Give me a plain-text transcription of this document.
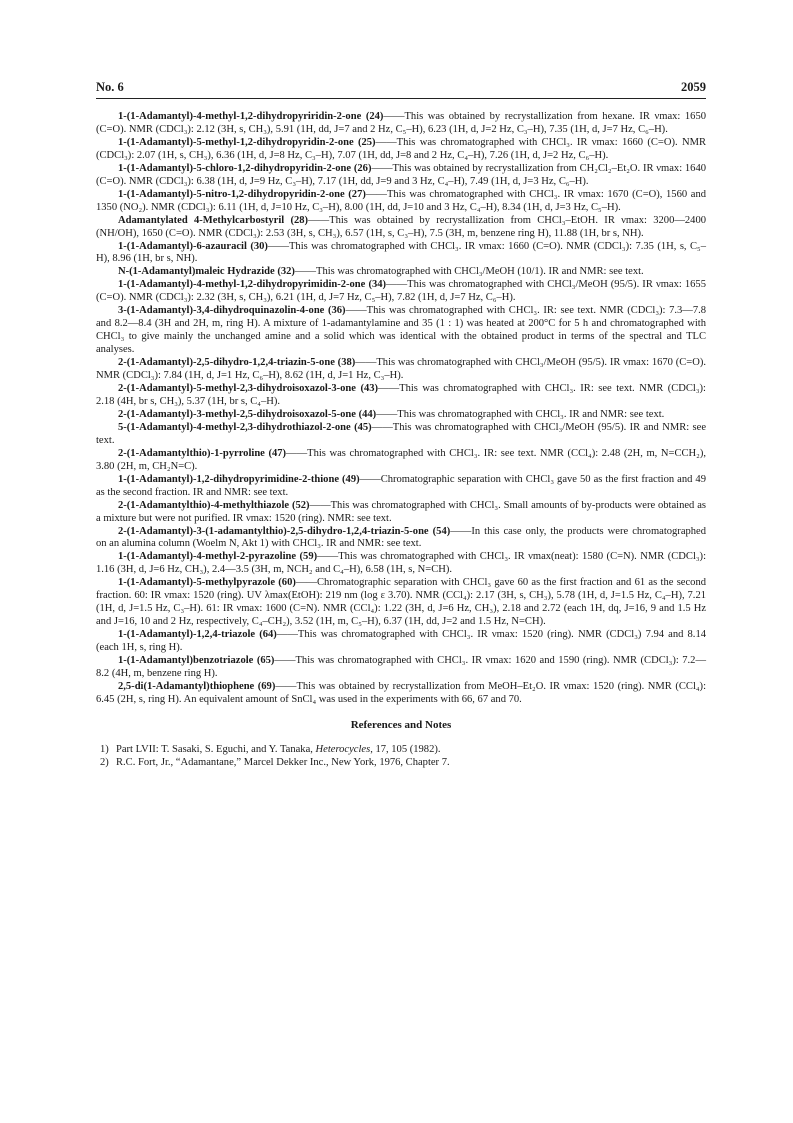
No. 6	2059

1-(1-Adamantyl)-4-methyl-1,2-dihydropyriridin-2-one (24)——This was obtained by recrystallization from hexane. IR νmax: 1650 (C=O). NMR (CDCl₃): 2.12 (3H, s, CH₃), 5.91 (1H, dd, J=7 and 2 Hz, C₅–H), 6.23 (1H, d, J=2 Hz, C₃–H), 7.35 (1H, d, J=7 Hz, C₆–H).

1-(1-Adamantyl)-5-methyl-1,2-dihydropyridin-2-one (25)——This was chromatographed with CHCl₃. IR νmax: 1660 (C=O). NMR (CDCl₃): 2.07 (1H, s, CH₃), 6.36 (1H, d, J=8 Hz, C₃–H), 7.07 (1H, dd, J=8 and 2 Hz, C₄–H), 7.26 (1H, d, J=2 Hz, C₆–H).

1-(1-Adamantyl)-5-chloro-1,2-dihydropyridin-2-one (26)——This was obtained by recrystallization from CH₂Cl₂–Et₂O. IR νmax: 1640 (C=O). NMR (CDCl₃): 6.38 (1H, d, J=9 Hz, C₃–H), 7.17 (1H, dd, J=9 and 3 Hz, C₄–H), 7.49 (1H, d, J=3 Hz, C₆–H).

1-(1-Adamantyl)-5-nitro-1,2-dihydropyridin-2-one (27)——This was chromatographed with CHCl₃. IR νmax: 1670 (C=O), 1560 and 1350 (NO₂). NMR (CDCl₃): 6.11 (1H, d, J=10 Hz, C₃–H), 8.00 (1H, dd, J=10 and 3 Hz, C₄–H), 8.34 (1H, d, J=3 Hz, C₅–H).

Adamantylated 4-Methylcarbostyril (28)——This was obtained by recrystallization from CHCl₃–EtOH. IR νmax: 3200—2400 (NH/OH), 1650 (C=O). NMR (CDCl₃): 2.53 (3H, s, CH₃), 6.57 (1H, s, C₃–H), 7.5 (3H, m, benzene ring H), 11.88 (1H, br s, NH).

1-(1-Adamantyl)-6-azauracil (30)——This was chromatographed with CHCl₃. IR νmax: 1660 (C=O). NMR (CDCl₃): 7.35 (1H, s, C₅–H), 8.96 (1H, br s, NH).

N-(1-Adamantyl)maleic Hydrazide (32)——This was chromatographed with CHCl₃/MeOH (10/1). IR and NMR: see text.

1-(1-Adamantyl)-4-methyl-1,2-dihydropyrimidin-2-one (34)——This was chromatographed with CHCl₃/MeOH (95/5). IR νmax: 1655 (C=O). NMR (CDCl₃): 2.32 (3H, s, CH₃), 6.21 (1H, d, J=7 Hz, C₅–H), 7.82 (1H, d, J=7 Hz, C₆–H).

3-(1-Adamantyl)-3,4-dihydroquinazolin-4-one (36)——This was chromatographed with CHCl₃. IR: see text. NMR (CDCl₃): 7.3—7.8 and 8.2—8.4 (3H and 2H, m, ring H). A mixture of 1-adamantylamine and 35 (1 : 1) was heated at 200°C for 5 h and chromatographed with CHCl₃ to give mainly the unchanged amine and a solid which was identical with the obtained product in terms of the spectral and TLC analyses.

2-(1-Adamantyl)-2,5-dihydro-1,2,4-triazin-5-one (38)——This was chromatographed with CHCl₃/MeOH (95/5). IR νmax: 1670 (C=O). NMR (CDCl₃): 7.84 (1H, d, J=1 Hz, C₆–H), 8.62 (1H, d, J=1 Hz, C₃–H).

2-(1-Adamantyl)-5-methyl-2,3-dihydroisoxazol-3-one (43)——This was chromatographed with CHCl₃. IR: see text. NMR (CDCl₃): 2.18 (4H, br s, CH₃), 5.37 (1H, br s, C₄–H).

2-(1-Adamantyl)-3-methyl-2,5-dihydroisoxazol-5-one (44)——This was chromatographed with CHCl₃. IR and NMR: see text.

5-(1-Adamantyl)-4-methyl-2,3-dihydrothiazol-2-one (45)——This was chromatographed with CHCl₃/MeOH (95/5). IR and NMR: see text.

2-(1-Adamantylthio)-1-pyrroline (47)——This was chromatographed with CHCl₃. IR: see text. NMR (CCl₄): 2.48 (2H, m, N=CCH₂), 3.80 (2H, m, CH₂N=C).

1-(1-Adamantyl)-1,2-dihydropyrimidine-2-thione (49)——Chromatographic separation with CHCl₃ gave 50 as the first fraction and 49 as the second fraction. IR and NMR: see text.

2-(1-Adamantylthio)-4-methylthiazole (52)——This was chromatographed with CHCl₃. Small amounts of by-products were obtained as a mixture but were not purified. IR νmax: 1520 (ring). NMR: see text.

2-(1-Adamantyl)-3-(1-adamantylthio)-2,5-dihydro-1,2,4-triazin-5-one (54)——In this case only, the products were chromatographed on an alumina column (Woelm N, Akt 1) with CHCl₃. IR and NMR: see text.

1-(1-Adamantyl)-4-methyl-2-pyrazoline (59)——This was chromatographed with CHCl₃. IR νmax(neat): 1580 (C=N). NMR (CDCl₃): 1.16 (3H, d, J=6 Hz, CH₃), 2.4—3.5 (3H, m, NCH₂ and C₄–H), 6.58 (1H, s, N=CH).

1-(1-Adamantyl)-5-methylpyrazole (60)——Chromatographic separation with CHCl₃ gave 60 as the first fraction and 61 as the second fraction. 60: IR νmax: 1520 (ring). UV λmax(EtOH): 219 nm (log ε 3.70). NMR (CCl₄): 2.17 (3H, s, CH₃), 5.78 (1H, d, J=1.5 Hz, C₄–H), 7.21 (1H, d, J=1.5 Hz, C₃–H). 61: IR νmax: 1600 (C=N). NMR (CCl₄): 1.22 (3H, d, J=6 Hz, CH₃), 2.18 and 2.72 (each 1H, dq, J=16, 9 and 1.5 Hz and J=16, 10 and 2 Hz, respectively, C₄–CH₂), 3.52 (1H, m, C₅–H), 6.37 (1H, dd, J=2 and 1.5 Hz, N=CH).

1-(1-Adamantyl)-1,2,4-triazole (64)——This was chromatographed with CHCl₃. IR νmax: 1520 (ring). NMR (CDCl₃) 7.94 and 8.14 (each 1H, s, ring H).

1-(1-Adamantyl)benzotriazole (65)——This was chromatographed with CHCl₃. IR νmax: 1620 and 1590 (ring). NMR (CDCl₃): 7.2—8.2 (4H, m, benzene ring H).

2,5-di(1-Adamantyl)thiophene (69)——This was obtained by recrystallization from MeOH–Et₂O. IR νmax: 1520 (ring). NMR (CCl₄): 6.45 (2H, s, ring H). An equivalent amount of SnCl₄ was used in the experiments with 66, 67 and 70.

References and Notes
1) Part LVII: T. Sasaki, S. Eguchi, and Y. Tanaka, Heterocycles, 17, 105 (1982).
2) R.C. Fort, Jr., “Adamantane,” Marcel Dekker Inc., New York, 1976, Chapter 7.
